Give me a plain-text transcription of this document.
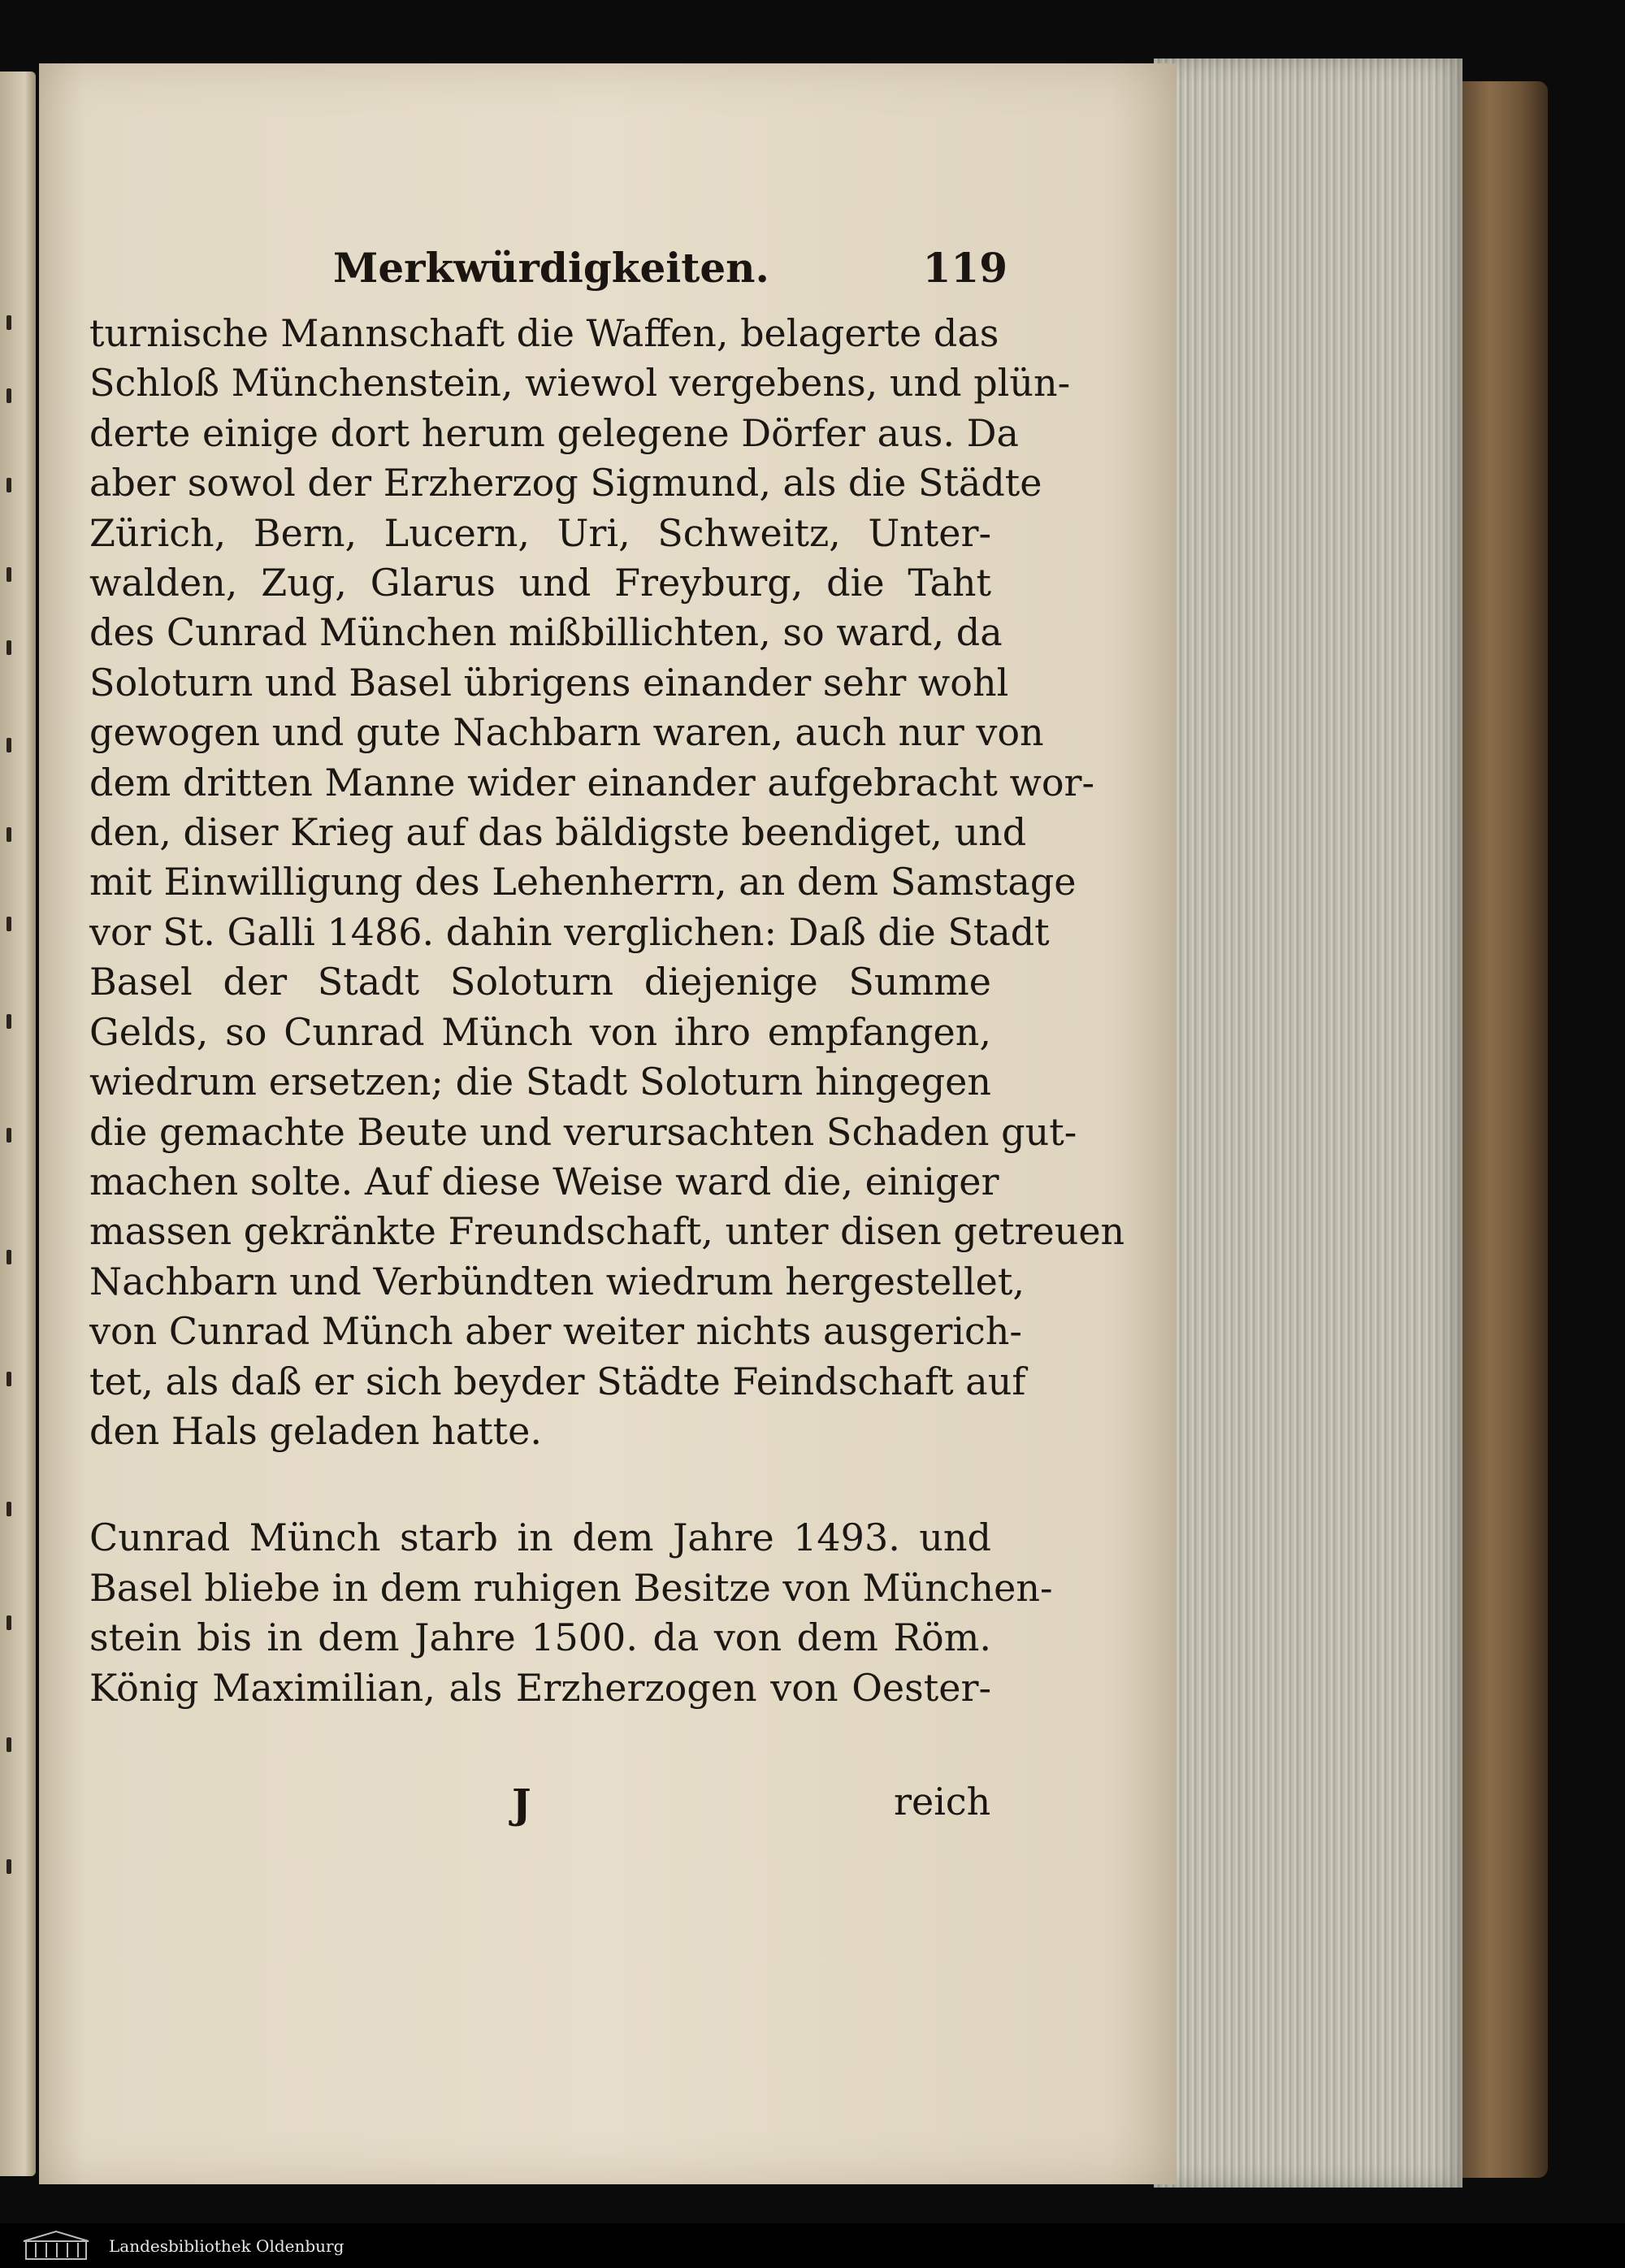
Merkwürdigkeiten.	119
turnische Mannschaft die Waffen, belagerte das
Schloß Münchenstein, wiewol vergebens, und plün-
derte einige dort herum gelegene Dörfer aus. Da
aber sowol der Erzherzog Sigmund, als die Städte
Zürich, Bern, Lucern, Uri, Schweitz, Unter-
walden, Zug, Glarus und Freyburg, die Taht
des Cunrad München mißbillichten, so ward, da
Soloturn und Basel übrigens einander sehr wohl
gewogen und gute Nachbarn waren, auch nur von
dem dritten Manne wider einander aufgebracht wor-
den, diser Krieg auf das bäldigste beendiget, und
mit Einwilligung des Lehenherrn, an dem Samstage
vor St. Galli 1486. dahin verglichen: Daß die Stadt
Basel der Stadt Soloturn diejenige Summe
Gelds, so Cunrad Münch von ihro empfangen,
wiedrum ersetzen; die Stadt Soloturn hingegen
die gemachte Beute und verursachten Schaden gut-
machen solte. Auf diese Weise ward die, einiger
massen gekränkte Freundschaft, unter disen getreuen
Nachbarn und Verbündten wiedrum hergestellet,
von Cunrad Münch aber weiter nichts ausgerich-
tet, als daß er sich beyder Städte Feindschaft auf
den Hals geladen hatte.
Cunrad Münch starb in dem Jahre 1493. und
Basel bliebe in dem ruhigen Besitze von München-
stein bis in dem Jahre 1500. da von dem Röm.
König Maximilian, als Erzherzogen von Oester-
J	reich
Landesbibliothek Oldenburg
